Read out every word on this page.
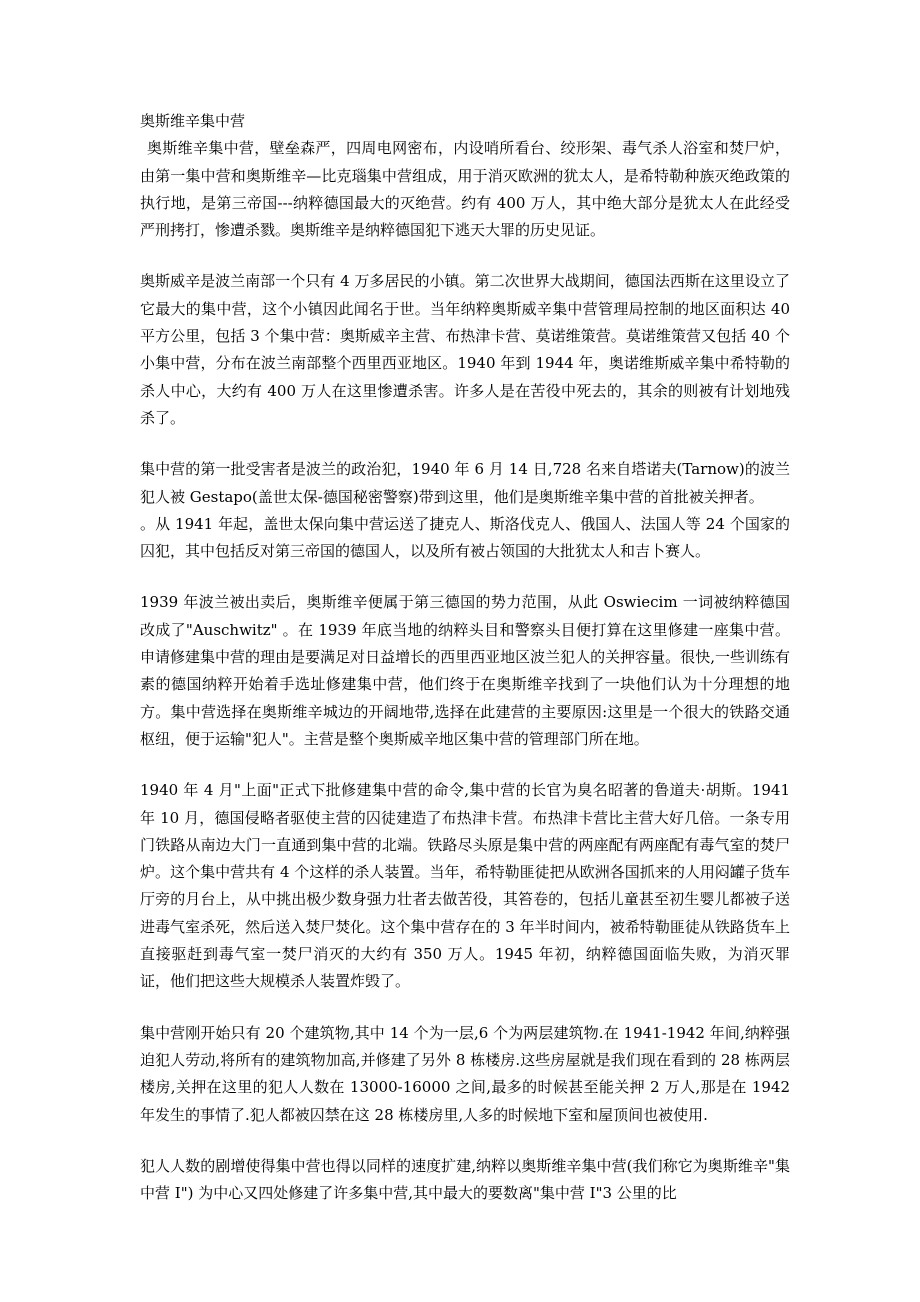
奥斯维辛集中营

奥斯维辛集中营，壁垒森严，四周电网密布，内设哨所看台、绞形架、毒气杀人浴室和焚尸炉，由第一集中营和奥斯维辛—比克瑙集中营组成，用于消灭欧洲的犹太人，是希特勒种族灭绝政策的执行地，是第三帝国---纳粹德国最大的灭绝营。约有 400 万人，其中绝大部分是犹太人在此经受严刑拷打，惨遭杀戮。奥斯维辛是纳粹德国犯下逃天大罪的历史见证。

奥斯威辛是波兰南部一个只有 4 万多居民的小镇。第二次世界大战期间，德国法西斯在这里设立了它最大的集中营，这个小镇因此闻名于世。当年纳粹奥斯威辛集中营管理局控制的地区面积达 40 平方公里，包括 3 个集中营：奥斯威辛主营、布热津卡营、莫诺维策营。莫诺维策营又包括 40 个小集中营，分布在波兰南部整个西里西亚地区。1940 年到 1944 年，奥诺维斯威辛集中希特勒的杀人中心，大约有 400 万人在这里惨遭杀害。许多人是在苦役中死去的，其余的则被有计划地残杀了。

集中营的第一批受害者是波兰的政治犯，1940 年 6 月 14 日,728 名来自塔诺夫(Tarnow)的波兰犯人被 Gestapo(盖世太保-德国秘密警察)带到这里，他们是奥斯维辛集中营的首批被关押者。

。从 1941 年起，盖世太保向集中营运送了捷克人、斯洛伐克人、俄国人、法国人等 24 个国家的囚犯，其中包括反对第三帝国的德国人，以及所有被占领国的大批犹太人和吉卜赛人。

1939 年波兰被出卖后，奥斯维辛便属于第三德国的势力范围，从此 Oswiecim 一词被纳粹德国改成了"Auschwitz" 。在 1939 年底当地的纳粹头目和警察头目便打算在这里修建一座集中营。申请修建集中营的理由是要满足对日益增长的西里西亚地区波兰犯人的关押容量。很快,一些训练有素的德国纳粹开始着手选址修建集中营，他们终于在奥斯维辛找到了一块他们认为十分理想的地方。集中营选择在奥斯维辛城边的开阔地带,选择在此建营的主要原因:这里是一个很大的铁路交通枢纽，便于运输"犯人"。主营是整个奥斯威辛地区集中营的管理部门所在地。

1940 年 4 月"上面"正式下批修建集中营的命令,集中营的长官为臭名昭著的鲁道夫·胡斯。1941 年 10 月，德国侵略者驱使主营的囚徒建造了布热津卡营。布热津卡营比主营大好几倍。一条专用门铁路从南边大门一直通到集中营的北端。铁路尽头原是集中营的两座配有两座配有毒气室的焚尸炉。这个集中营共有 4 个这样的杀人装置。当年，希特勒匪徒把从欧洲各国抓来的人用闷罐子货车厅旁的月台上，从中挑出极少数身强力壮者去做苦役，其笞卷的，包括儿童甚至初生婴儿都被子送进毒气室杀死，然后送入焚尸焚化。这个集中营存在的 3 年半时间内，被希特勒匪徒从铁路货车上直接驱赶到毒气室一焚尸消灭的大约有 350 万人。1945 年初，纳粹德国面临失败，为消灭罪证，他们把这些大规模杀人装置炸毁了。

集中营刚开始只有 20 个建筑物,其中 14 个为一层,6 个为两层建筑物.在 1941-1942 年间,纳粹强迫犯人劳动,将所有的建筑物加高,并修建了另外 8 栋楼房.这些房屋就是我们现在看到的 28 栋两层楼房,关押在这里的犯人人数在 13000-16000 之间,最多的时候甚至能关押 2 万人,那是在 1942 年发生的事情了.犯人都被囚禁在这 28 栋楼房里,人多的时候地下室和屋顶间也被使用.

犯人人数的剧增使得集中营也得以同样的速度扩建,纳粹以奥斯维辛集中营(我们称它为奥斯维辛"集中营 I") 为中心又四处修建了许多集中营,其中最大的要数离"集中营 I"3 公里的比
